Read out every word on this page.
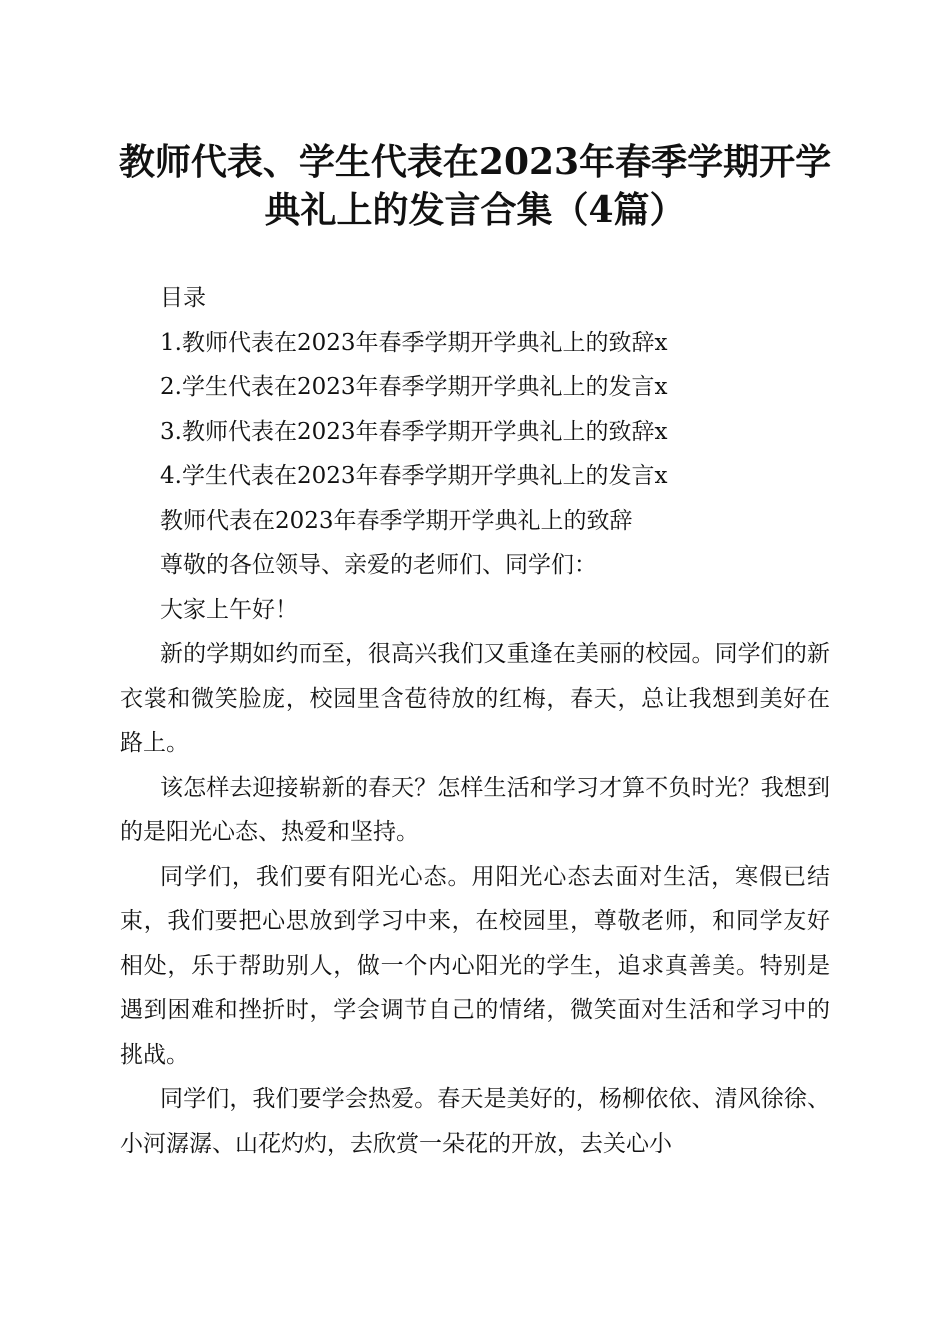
教师代表、学生代表在2023年春季学期开学
典礼上的发言合集（4篇）
目录
1.教师代表在2023年春季学期开学典礼上的致辞x
2.学生代表在2023年春季学期开学典礼上的发言x
3.教师代表在2023年春季学期开学典礼上的致辞x
4.学生代表在2023年春季学期开学典礼上的发言x
教师代表在2023年春季学期开学典礼上的致辞
尊敬的各位领导、亲爱的老师们、同学们：
大家上午好！

新的学期如约而至，很高兴我们又重逢在美丽的校园。同学们的新衣裳和微笑脸庞，校园里含苞待放的红梅，春天，总让我想到美好在路上。

该怎样去迎接崭新的春天？怎样生活和学习才算不负时光？我想到的是阳光心态、热爱和坚持。

同学们，我们要有阳光心态。用阳光心态去面对生活，寒假已结束，我们要把心思放到学习中来，在校园里，尊敬老师，和同学友好相处，乐于帮助别人，做一个内心阳光的学生，追求真善美。特别是遇到困难和挫折时，学会调节自己的情绪，微笑面对生活和学习中的挑战。

同学们，我们要学会热爱。春天是美好的，杨柳依依、清风徐徐、小河潺潺、山花灼灼，去欣赏一朵花的开放，去关心小
